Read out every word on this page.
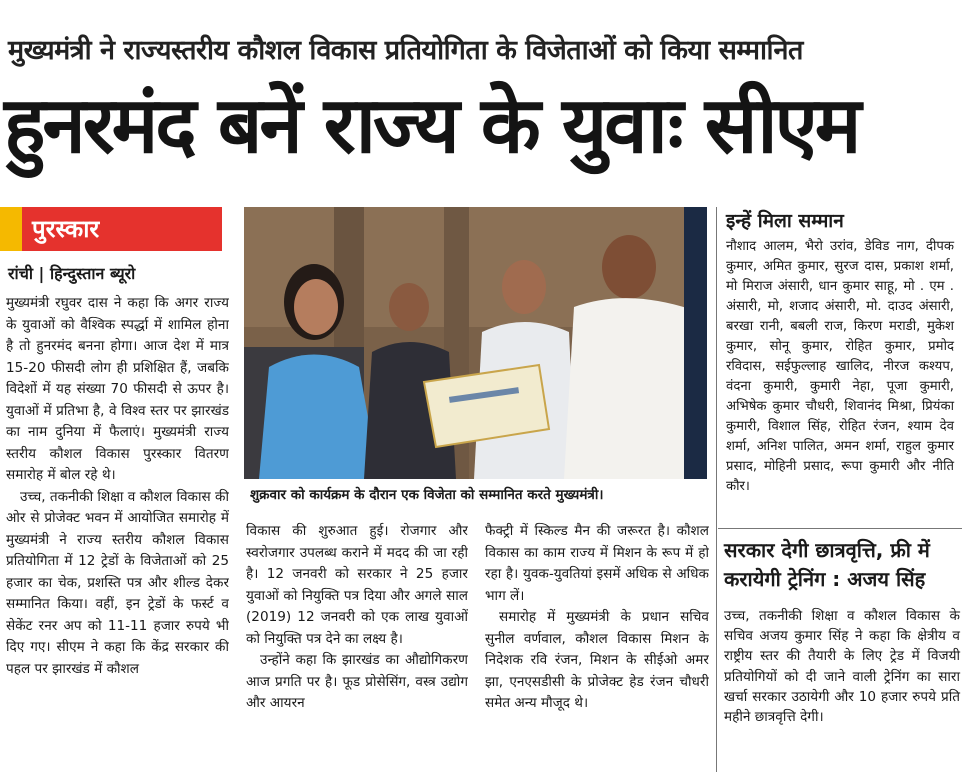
मुख्यमंत्री ने राज्यस्तरीय कौशल विकास प्रतियोगिता के विजेताओं को किया सम्मानित
हुनरमंद बनें राज्य के युवाः सीएम
पुरस्कार
रांची | हिन्दुस्तान ब्यूरो

मुख्यमंत्री रघुवर दास ने कहा कि अगर राज्य के युवाओं को वैश्विक स्पर्द्धा में शामिल होना है तो हुनरमंद बनना होगा। आज देश में मात्र 15-20 फीसदी लोग ही प्रशिक्षित हैं, जबकि विदेशों में यह संख्या 70 फीसदी से ऊपर है। युवाओं में प्रतिभा है, वे विश्व स्तर पर झारखंड का नाम दुनिया में फैलाएं। मुख्यमंत्री राज्य स्तरीय कौशल विकास पुरस्कार वितरण समारोह में बोल रहे थे।

उच्च, तकनीकी शिक्षा व कौशल विकास की ओर से प्रोजेक्ट भवन में आयोजित समारोह में मुख्यमंत्री ने राज्य स्तरीय कौशल विकास प्रतियोगिता में 12 ट्रेडों के विजेताओं को 25 हजार का चेक, प्रशस्ति पत्र और शील्ड देकर सम्मानित किया। वहीं, इन ट्रेडों के फर्स्ट व सेकेंट रनर अप को 11-11 हजार रुपये भी दिए गए। सीएम ने कहा कि केंद्र सरकार की पहल पर झारखंड में कौशल

शुक्रवार को कार्यक्रम के दौरान एक विजेता को सम्मानित करते मुख्यमंत्री।

विकास की शुरुआत हुई। रोजगार और स्वरोजगार उपलब्ध कराने में मदद की जा रही है। 12 जनवरी को सरकार ने 25 हजार युवाओं को नियुक्ति पत्र दिया और अगले साल (2019) 12 जनवरी को एक लाख युवाओं को नियुक्ति पत्र देने का लक्ष्य है।

उन्होंने कहा कि झारखंड का औद्योगिकरण आज प्रगति पर है। फूड प्रोसेसिंग, वस्त्र उद्योग और आयरन

फैक्ट्री में स्किल्ड मैन की जरूरत है। कौशल विकास का काम राज्य में मिशन के रूप में हो रहा है। युवक-युवतियां इसमें अधिक से अधिक भाग लें।

समारोह में मुख्यमंत्री के प्रधान सचिव सुनील वर्णवाल, कौशल विकास मिशन के निदेशक रवि रंजन, मिशन के सीईओ अमर झा, एनएसडीसी के प्रोजेक्ट हेड रंजन चौधरी समेत अन्य मौजूद थे।

इन्हें मिला सम्मान
नौशाद आलम, भैरो उरांव, डेविड नाग, दीपक कुमार, अमित कुमार, सुरज दास, प्रकाश शर्मा, मो मिराज अंसारी, धान कुमार साहू, मो . एम . अंसारी, मो, शजाद अंसारी, मो. दाउद अंसारी, बरखा रानी, बबली राज, किरण मराडी, मुकेश कुमार, सोनू कुमार, रोहित कुमार, प्रमोद रविदास, सईफुल्लाह खालिद, नीरज कश्यप, वंदना कुमारी, कुमारी नेहा, पूजा कुमारी, अभिषेक कुमार चौधरी, शिवानंद मिश्रा, प्रियंका कुमारी, विशाल सिंह, रोहित रंजन, श्याम देव शर्मा, अनिश पालित, अमन शर्मा, राहुल कुमार प्रसाद, मोहिनी प्रसाद, रूपा कुमारी और नीति कौर।
सरकार देगी छात्रवृत्ति, फ्री में करायेगी ट्रेनिंग : अजय सिंह
उच्च, तकनीकी शिक्षा व कौशल विकास के सचिव अजय कुमार सिंह ने कहा कि क्षेत्रीय व राष्ट्रीय स्तर की तैयारी के लिए ट्रेड में विजयी प्रतियोगियों को दी जाने वाली ट्रेनिंग का सारा खर्चा सरकार उठायेगी और 10 हजार रुपये प्रति महीने छात्रवृत्ति देगी।
